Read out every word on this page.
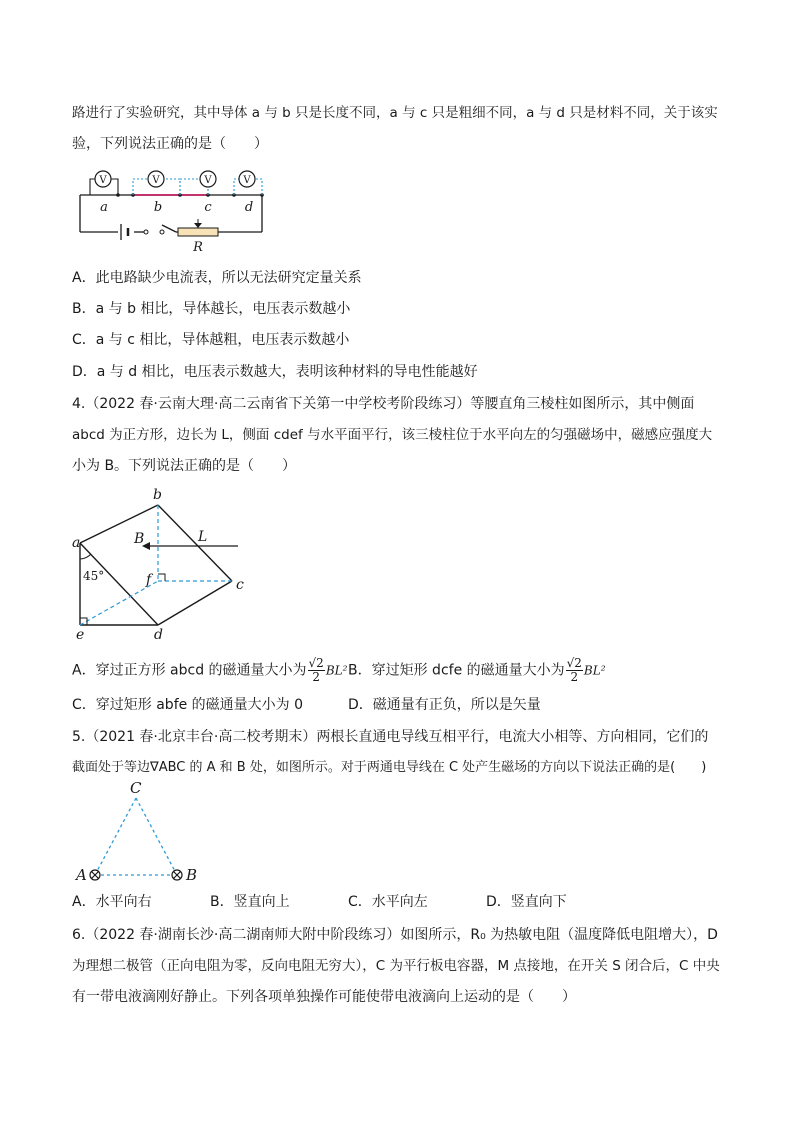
路进行了实验研究，其中导体 a 与 b 只是长度不同，a 与 c 只是粗细不同，a 与 d 只是材料不同，关于该实
验，下列说法正确的是（　　）
V	V	V	V
a	b	c	d
R
A．此电路缺少电流表，所以无法研究定量关系
B．a 与 b 相比，导体越长，电压表示数越小
C．a 与 c 相比，导体越粗，电压表示数越小
D．a 与 d 相比，电压表示数越大，表明该种材料的导电性能越好
4.（2022 春·云南大理·高二云南省下关第一中学校考阶段练习）等腰直角三棱柱如图所示，其中侧面
abcd 为正方形，边长为 L，侧面 cdef 与水平面平行，该三棱柱位于水平向左的匀强磁场中，磁感应强度大
小为 B。下列说法正确的是（　　）
a
b
c
d
e
f
B	L
45°
A．穿过正方形 abcd 的磁通量大小为 $\frac{√2}{2} BL^2$ B．穿过矩形 dcfe 的磁通量大小为 $\frac{√2}{2} BL^2$
C．穿过矩形 abfe 的磁通量大小为 0	D．磁通量有正负，所以是矢量
5.（2021 春·北京丰台·高二校考期末）两根长直通电导线互相平行，电流大小相等、方向相同，它们的
截面处于等边∇ABC 的 A 和 B 处，如图所示。对于两通电导线在 C 处产生磁场的方向以下说法正确的是(　　)
C
A	B
A．水平向右	B．竖直向上	C．水平向左	D．竖直向下
6.（2022 春·湖南长沙·高二湖南师大附中阶段练习）如图所示，R₀ 为热敏电阻（温度降低电阻增大），D
为理想二极管（正向电阻为零，反向电阻无穷大），C 为平行板电容器，M 点接地，在开关 S 闭合后，C 中央
有一带电液滴刚好静止。下列各项单独操作可能使带电液滴向上运动的是（　　）
